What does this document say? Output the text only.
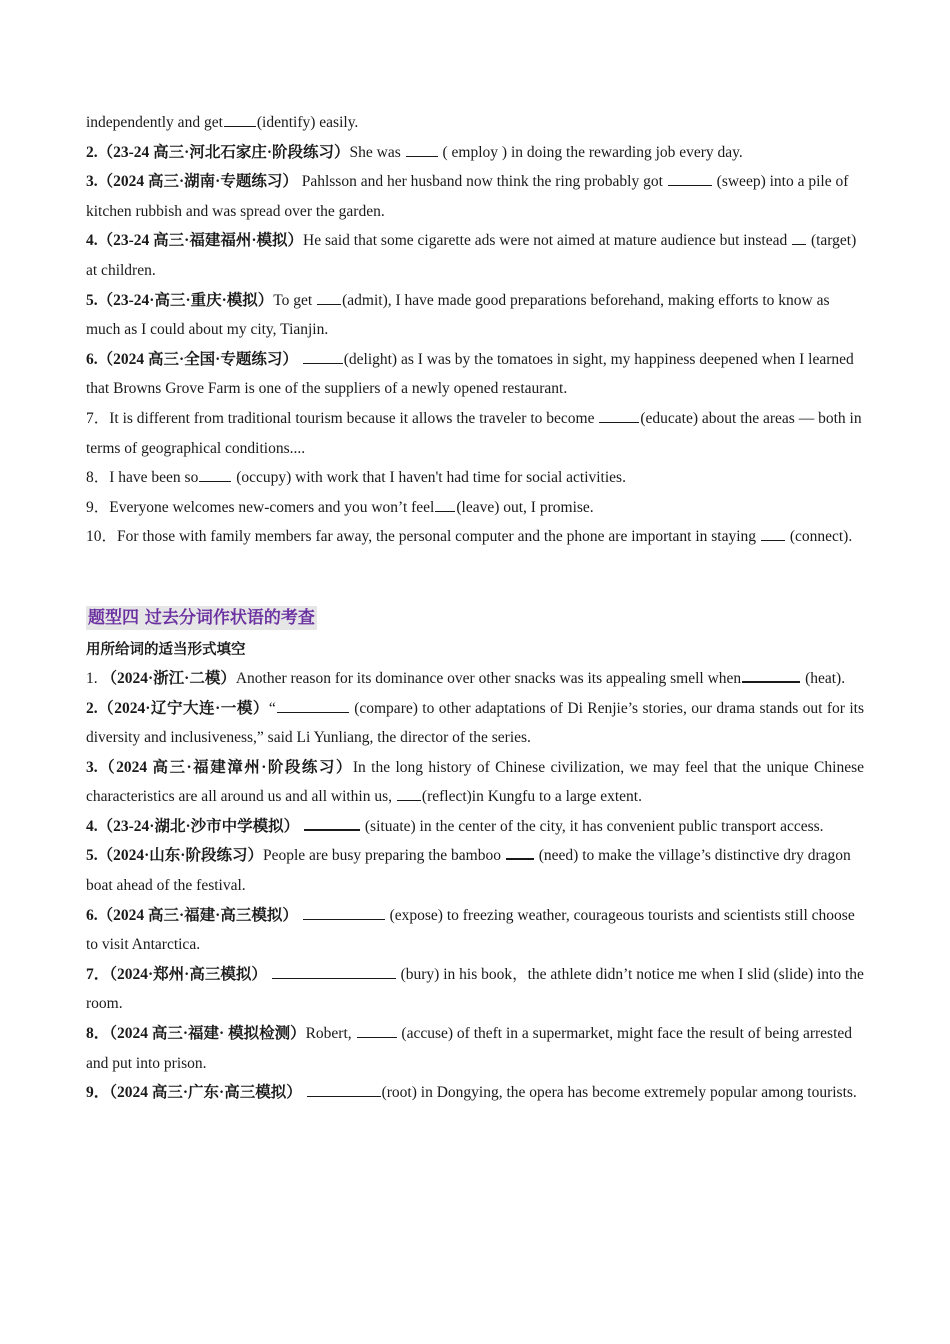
independently and get (identify) easily.

2.（23-24 高三·河北石家庄·阶段练习）She was  ( employ ) in doing the rewarding job every day.

3.（2024 高三·湖南·专题练习） Pahlsson and her husband now think the ring probably got	(sweep) into a pile of kitchen rubbish and was spread over the garden.

4.（23-24 高三·福建福州·模拟）He said that some cigarette ads were not aimed at mature audience but instead  (target) at children.

5.（23-24·高三·重庆·模拟）To get (admit), I have made good preparations beforehand, making efforts to know as much as I could about my city, Tianjin.

6.（2024 高三·全国·专题练习）	(delight) as I was by the tomatoes in sight, my happiness deepened when I learned that Browns Grove Farm is one of the suppliers of a newly opened restaurant.

7．It is different from traditional tourism because it allows the traveler to become	(educate) about the areas — both in terms of geographical conditions....

8．I have been so (occupy) with work that I haven't had time for social activities.

9．Everyone welcomes new-comers and you won’t feel (leave) out, I promise.

10．For those with family members far away, the personal computer and the phone are important in staying  (connect).

题型四 过去分词作状语的考查

用所给词的适当形式填空

1. （2024·浙江·二模）Another reason for its dominance over other snacks was its appealing smell when	(heat).

2.（2024·辽宁大连·一模）“	(compare) to other adaptations of Di Renjie’s stories, our drama stands out for its diversity and inclusiveness,” said Li Yunliang, the director of the series.

3.（2024 高三·福建漳州·阶段练习）In the long history of Chinese civilization, we may feel that the unique Chinese characteristics are all around us and all within us, (reflect)in Kungfu to a large extent.

4.（23-24·湖北·沙市中学模拟）	(situate) in the center of the city, it has convenient public transport access.

5.（2024·山东·阶段练习）People are busy preparing the bamboo  (need) to make the village’s distinctive dry dragon boat ahead of the festival.

6.（2024 高三·福建·高三模拟）	(expose) to freezing weather, courageous tourists and scientists still choose to visit Antarctica.

7．（2024·郑州·高三模拟）	(bury) in his book，the athlete didn’t notice me when I slid (slide) into the room.

8．（2024 高三·福建· 模拟检测）Robert,	(accuse) of theft in a supermarket, might face the result of being arrested and put into prison.

9．（2024 高三·广东·高三模拟）	(root) in Dongying, the opera has become extremely popular among tourists.
